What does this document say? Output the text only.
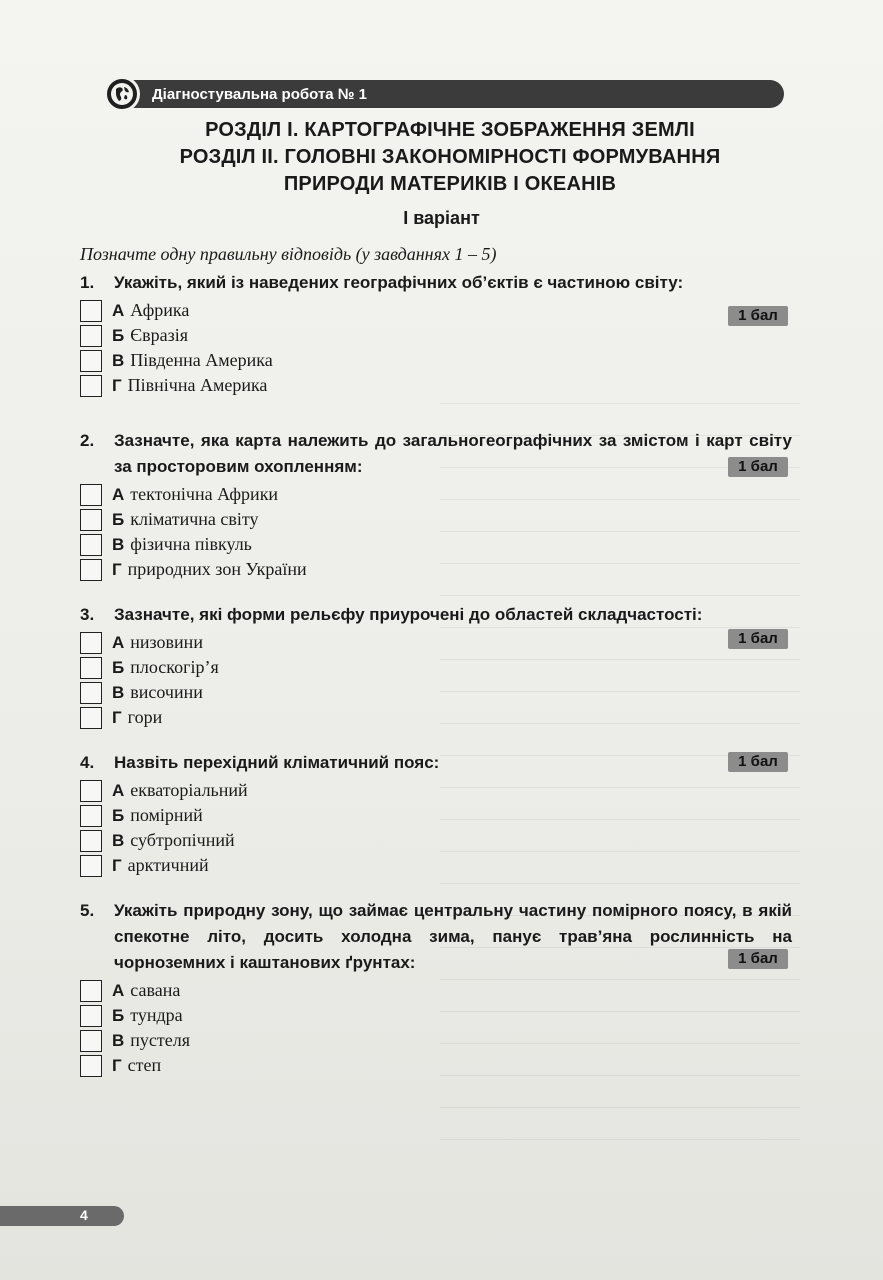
Діагностувальна робота № 1
РОЗДІЛ І. КАРТОГРАФІЧНЕ ЗОБРАЖЕННЯ ЗЕМЛІ
РОЗДІЛ ІІ. ГОЛОВНІ ЗАКОНОМІРНОСТІ ФОРМУВАННЯ
ПРИРОДИ МАТЕРИКІВ І ОКЕАНІВ
І варіант
Позначте одну правильну відповідь (у завданнях 1 – 5)
1. Укажіть, який із наведених географічних об’єктів є частиною світу:
1 бал
А Африка
Б Євразія
В Південна Америка
Г Північна Америка
2. Зазначте, яка карта належить до загальногеографічних за змістом і карт світу за просторовим охопленням:	1 бал
А тектонічна Африки
Б кліматична світу
В фізична півкуль
Г природних зон України
3. Зазначте, які форми рельєфу приурочені до областей складчастості:
1 бал
А низовини
Б плоскогір’я
В височини
Г гори
4. Назвіть перехідний кліматичний пояс:	1 бал
А екваторіальний
Б помірний
В субтропічний
Г арктичний
5. Укажіть природну зону, що займає центральну частину помірного поясу, в якій спекотне літо, досить холодна зима, панує трав’яна рослинність на чорноземних і каштанових ґрунтах:	1 бал
А савана
Б тундра
В пустеля
Г степ
4
